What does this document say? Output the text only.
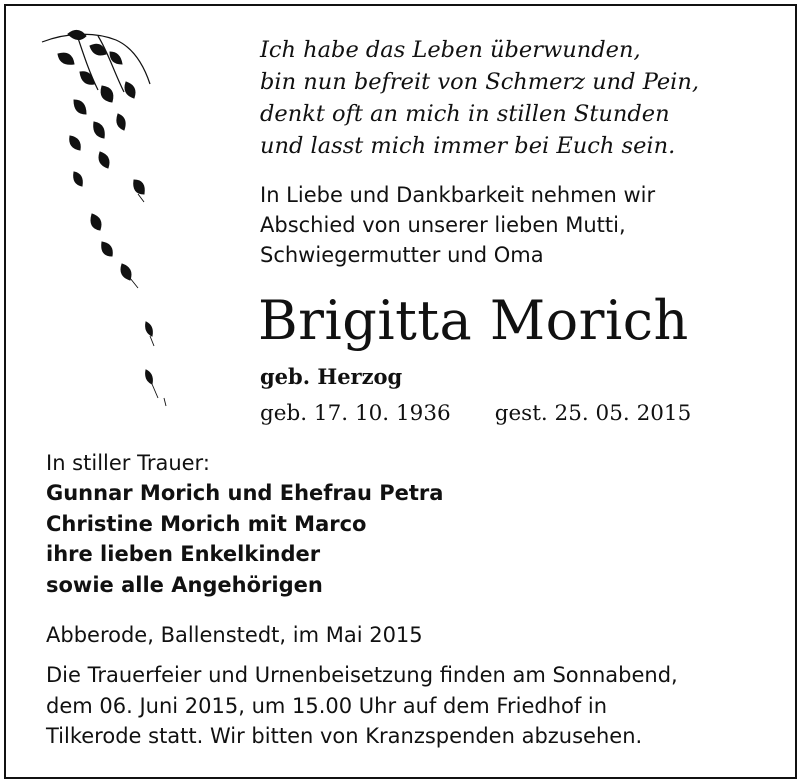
Ich habe das Leben überwunden,
bin nun befreit von Schmerz und Pein,
denkt oft an mich in stillen Stunden
und lasst mich immer bei Euch sein.
In Liebe und Dankbarkeit nehmen wir
Abschied von unserer lieben Mutti,
Schwiegermutter und Oma
Brigitta Morich
geb. Herzog
geb. 17. 10. 1936 gest. 25. 05. 2015
In stiller Trauer:
Gunnar Morich und Ehefrau Petra
Christine Morich mit Marco
ihre lieben Enkelkinder
sowie alle Angehörigen
Abberode, Ballenstedt, im Mai 2015
Die Trauerfeier und Urnenbeisetzung finden am Sonnabend,
dem 06. Juni 2015, um 15.00 Uhr auf dem Friedhof in
Tilkerode statt. Wir bitten von Kranzspenden abzusehen.
